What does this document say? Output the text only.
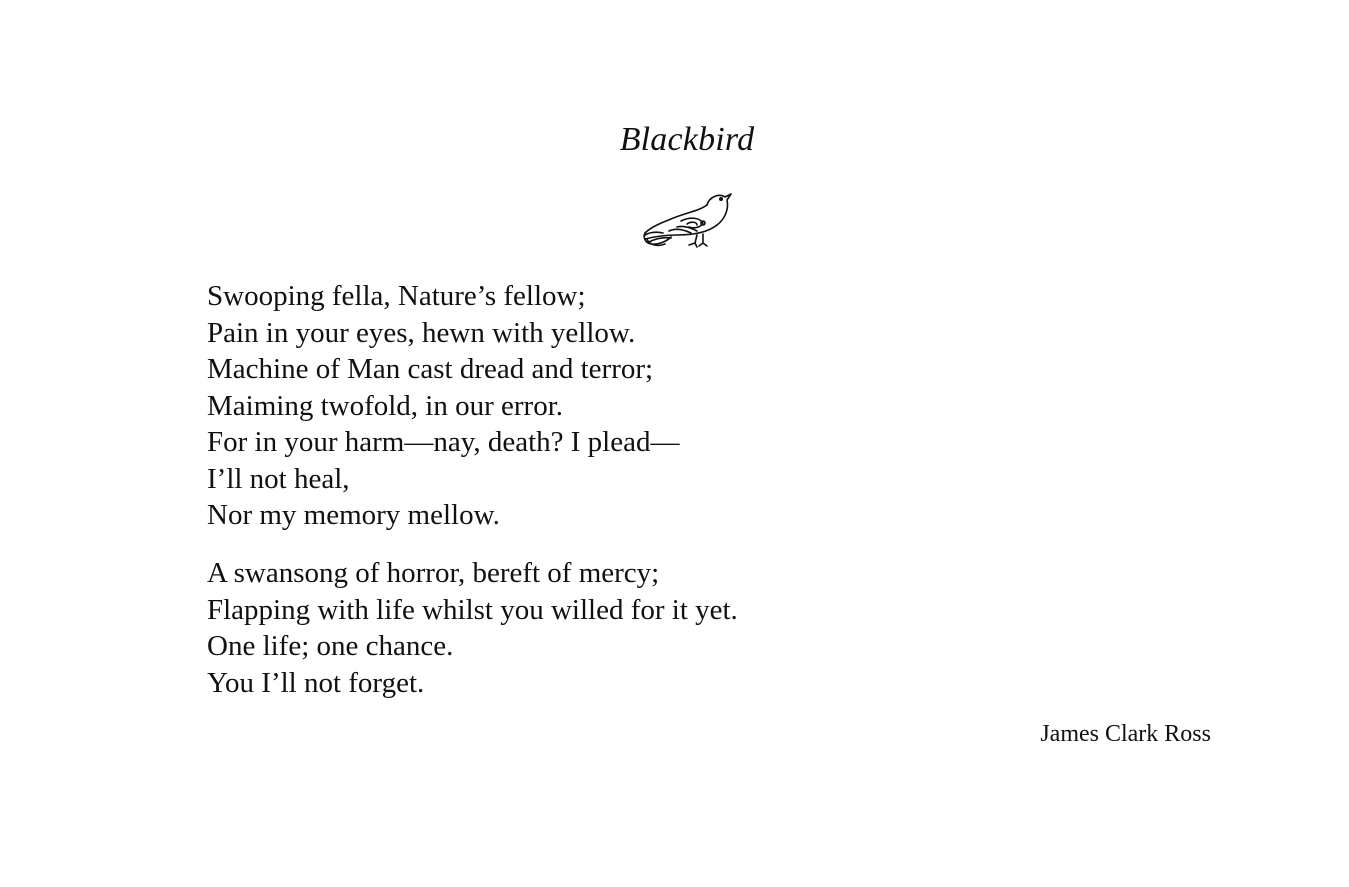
Blackbird
Swooping fella, Nature’s fellow;
Pain in your eyes, hewn with yellow.
Machine of Man cast dread and terror;
Maiming twofold, in our error.
For in your harm—nay, death? I plead—
I’ll not heal,
Nor my memory mellow.
A swansong of horror, bereft of mercy;
Flapping with life whilst you willed for it yet.
One life; one chance.
You I’ll not forget.
James Clark Ross
